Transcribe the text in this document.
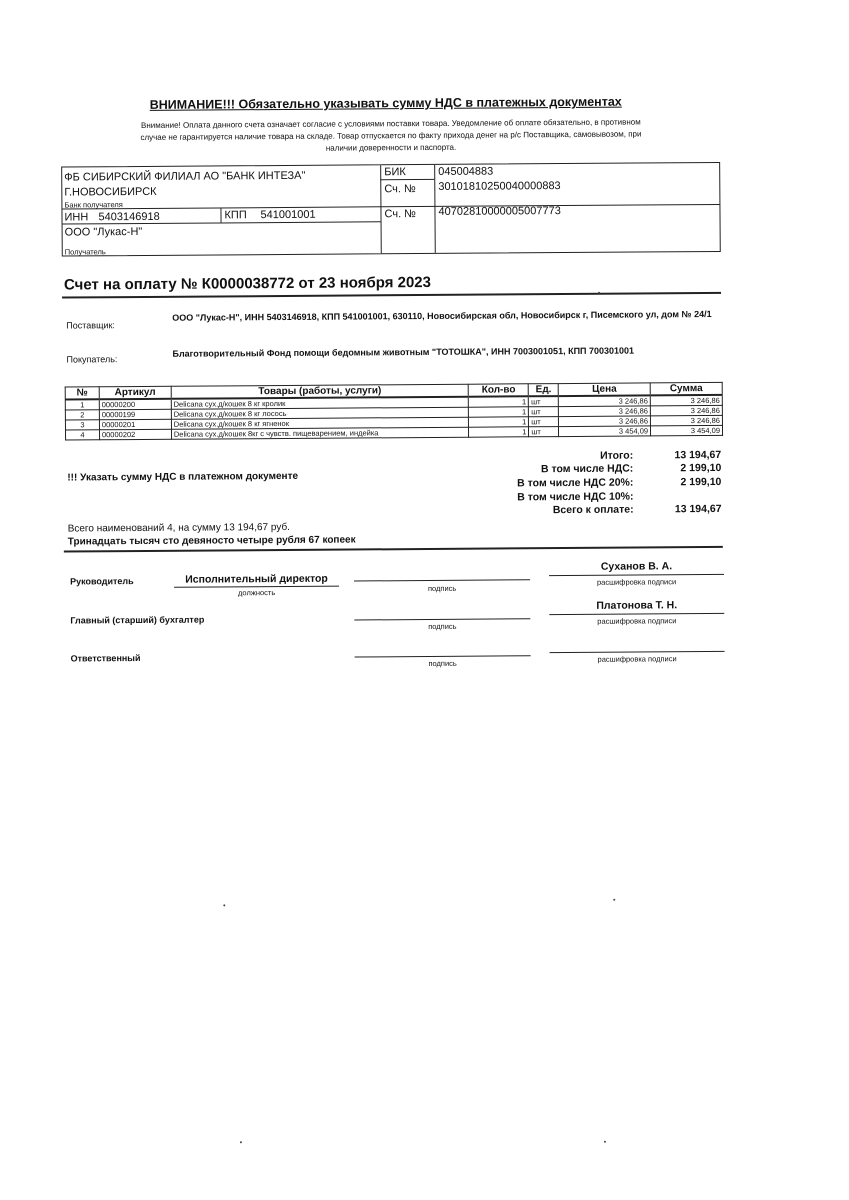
ВНИМАНИЕ!!! Обязательно указывать сумму НДС в платежных документах
Внимание! Оплата данного счета означает согласие с условиями поставки товара. Уведомление об оплате обязательно, в противном случае не гарантируется наличие товара на складе. Товар отпускается по факту прихода денег на р/с Поставщика, самовывозом, при наличии доверенности и паспорта.
ФБ СИБИРСКИЙ ФИЛИАЛ АО "БАНК ИНТЕЗА"
Г.НОВОСИБИРСК
Банк получателя
БИК	045004883
Сч. № 30101810250040000883
ИНН 5403146918	КПП 541001001	Сч. № 40702810000005007773
ООО "Лукас-Н"
Получатель
Счет на оплату № К0000038772 от 23 ноября 2023
Поставщик:
ООО "Лукас-Н", ИНН 5403146918, КПП 541001001, 630110, Новосибирская обл, Новосибирск г, Писемского ул, дом № 24/1
Покупатель:
Благотворительный Фонд помощи бедомным животным "ТОТОШКА", ИНН 7003001051, КПП 700301001
№	Артикул	Товары (работы, услуги)	Кол-во	Ед.	Цена	Сумма
1	00000200	Delicana сух.д/кошек 8 кг кролик	1	шт	3 246,86	3 246,86
2	00000199	Delicana сух.д/кошек 8 кг лосось	1	шт	3 246,86	3 246,86
3	00000201	Delicana сух.д/кошек 8 кг ягненок	1	шт	3 246,86	3 246,86
4	00000202	Delicana сух.д/кошек 8кг с чувств. пищеварением, индейка	1	шт	3 454,09	3 454,09
!!! Указать сумму НДС в платежном документе
Итого:	13 194,67
В том числе НДС:	2 199,10
В том числе НДС 20%:	2 199,10
В том числе НДС 10%:
Всего к оплате:	13 194,67
Всего наименований 4, на сумму 13 194,67 руб.
Тринадцать тысяч сто девяносто четыре рубля 67 копеек
Руководитель	Исполнительный директор
должность	подпись
Суханов В. А.
расшифровка подписи
Главный (старший) бухгалтер
подпись
Платонова Т. Н.
расшифровка подписи
Ответственный	подпись	расшифровка подписи
